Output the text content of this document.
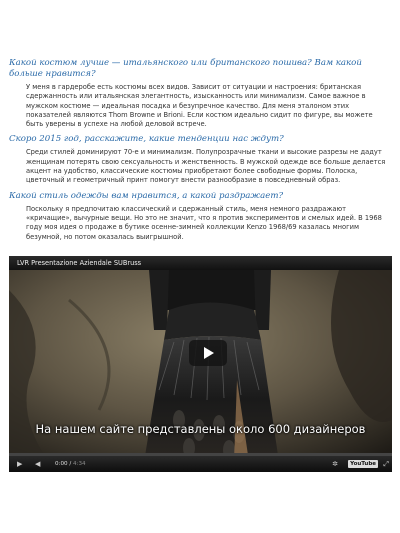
Какой костюм лучше — итальянского или британского пошива? Вам какой больше нравится?

У меня в гардеробе есть костюмы всех видов. Зависит от ситуации и настроения: британская сдержанность или итальянская элегантность, изысканность или минимализм. Самое важное в мужском костюме — идеальная посадка и безупречное качество. Для меня эталоном этих показателей являются Thom Browne и Brioni. Если костюм идеально сидит по фигуре, вы можете быть уверены в успехе на любой деловой встрече.

Скоро 2015 год, расскажите, какие тенденции нас ждут?

Среди стилей доминируют 70-е и минимализм. Полупрозрачные ткани и высокие разрезы не дадут женщинам потерять свою сексуальность и женственность. В мужской одежде все больше делается акцент на удобство, классические костюмы приобретают более свободные формы. Полоска, цветочный и геометричный принт помогут внести разнообразие в повседневный образ.

Какой стиль одежды вам нравится, а какой раздражает?

Поскольку я предпочитаю классический и сдержанный стиль, меня немного раздражают «кричащие», вычурные вещи. Но это не значит, что я против экспериментов и смелых идей. В 1968 году моя идея о продаже в бутике осенне-зимней коллекции Kenzo 1968/69 казалась многим безумной, но потом оказалась выигрышной.

LVR Presentazione Aziendale SUBruss
На нашем сайте представлены около 600 дизайнеров
▶ ◀	0:00 / 4:34	✲	YouTube ⤢
